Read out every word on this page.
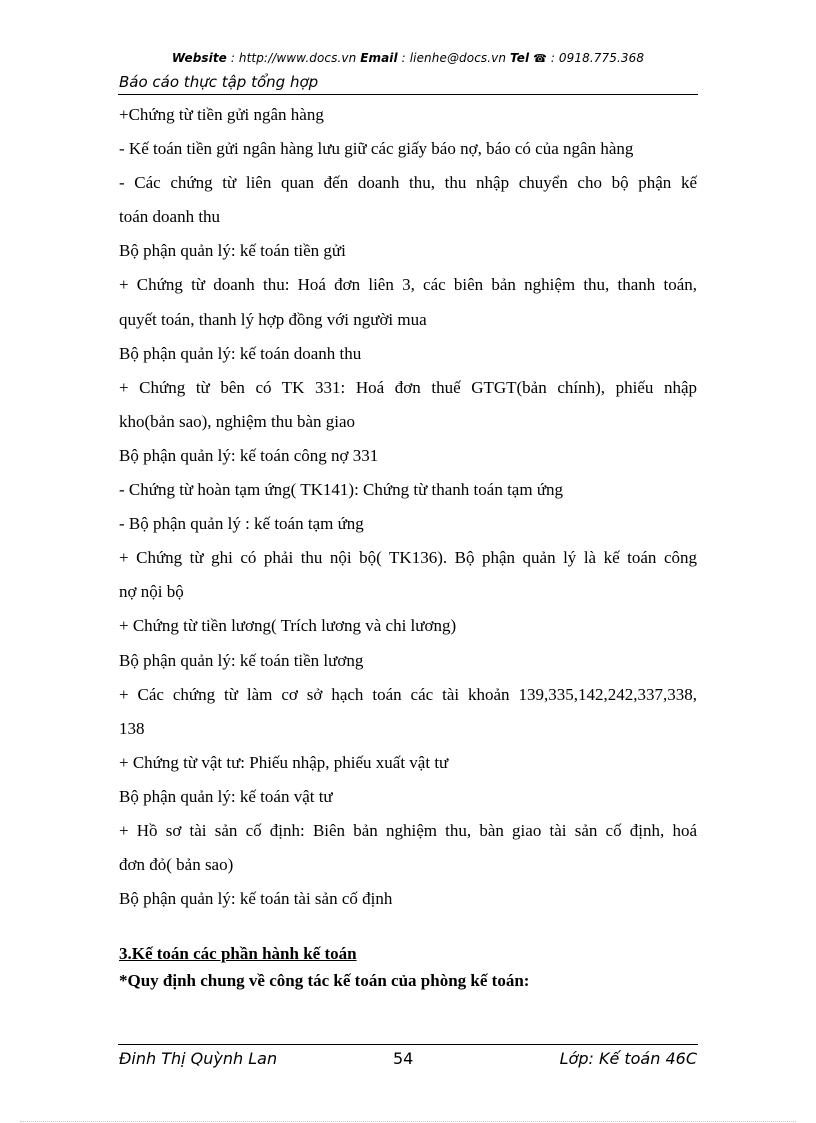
Website : http://www.docs.vn Email : lienhe@docs.vn Tel ☎ : 0918.775.368
Báo cáo thực tập tổng hợp
+Chứng từ tiền gửi ngân hàng
- Kế toán tiền gửi ngân hàng lưu giữ các giấy báo nợ, báo có của ngân hàng
- Các chứng từ liên quan đến doanh thu, thu nhập chuyển cho bộ phận kế
toán doanh thu
Bộ phận quản lý: kế toán tiền gửi
+ Chứng từ doanh thu: Hoá đơn liên 3, các biên bản nghiệm thu, thanh toán,
quyết toán, thanh lý hợp đồng với người mua
Bộ phận quản lý: kế toán doanh thu
+ Chứng từ bên có TK 331: Hoá đơn thuế GTGT(bản chính), phiếu nhập
kho(bản sao), nghiệm thu bàn giao
Bộ phận quản lý: kế toán công nợ 331
- Chứng từ hoàn tạm ứng( TK141): Chứng từ thanh toán tạm ứng
- Bộ phận quản lý : kế toán tạm ứng
+ Chứng từ ghi có phải thu nội bộ( TK136). Bộ phận quản lý là kế toán công
nợ nội bộ
+ Chứng từ tiền lương( Trích lương và chi lương)
Bộ phận quản lý: kế toán tiền lương
+ Các chứng từ làm cơ sở hạch toán các tài khoản 139,335,142,242,337,338,
138
+ Chứng từ vật tư: Phiếu nhập, phiếu xuất vật tư
Bộ phận quản lý: kế toán vật tư
+ Hồ sơ tài sản cố định: Biên bản nghiệm thu, bàn giao tài sản cố định, hoá
đơn đỏ( bản sao)
Bộ phận quản lý: kế toán tài sản cố định
3.Kế toán các phần hành kế toán
*Quy định chung về công tác kế toán của phòng kế toán:
Đinh Thị Quỳnh Lan	54	Lớp: Kế toán 46C
